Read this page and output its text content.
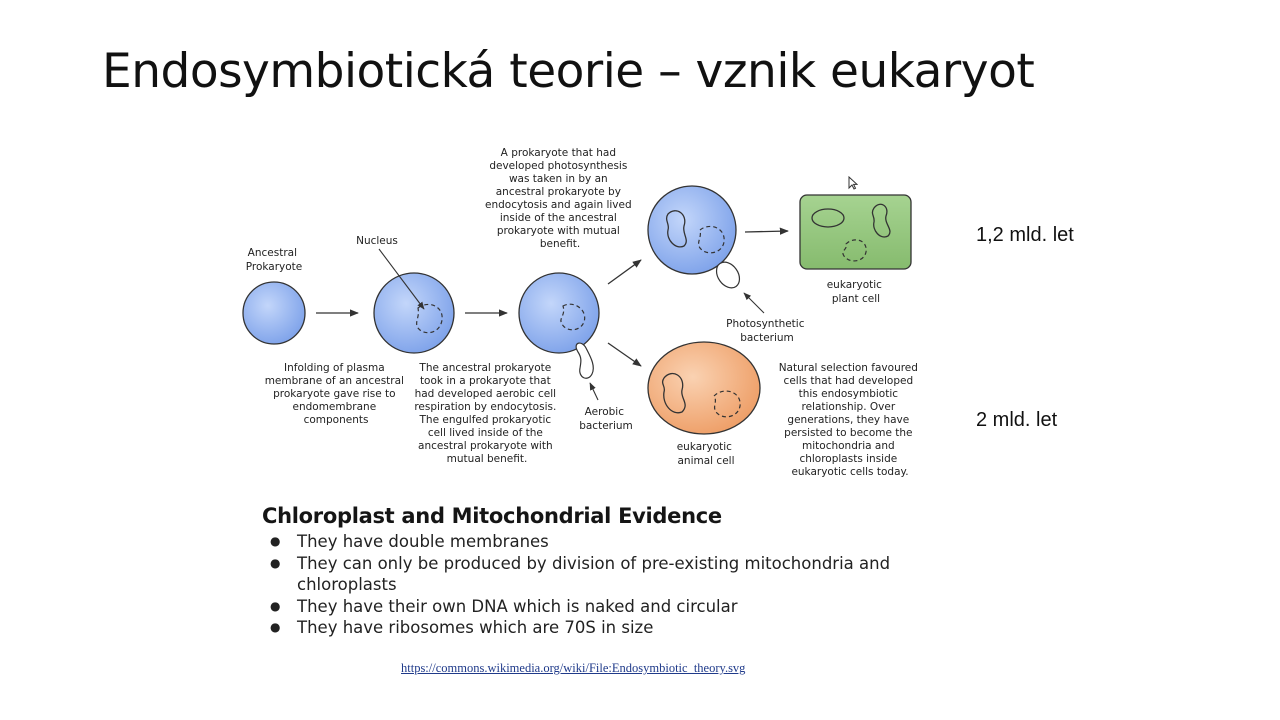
Endosymbiotická teorie – vznik eukaryot
1,2 mld. let
2 mld. let
Ancestral Prokaryote
Nucleus
Infolding of plasma membrane of an ancestral prokaryote gave rise to endomembrane components
The ancestral prokaryote took in a prokaryote that had developed aerobic cell respiration by endocytosis. The engulfed prokaryotic cell lived inside of the ancestral prokaryote with mutual benefit.
Aerobic bacterium
A prokaryote that had developed photosynthesis was taken in by an ancestral prokaryote by endocytosis and again lived inside of the ancestral prokaryote with mutual benefit.
Photosynthetic bacterium
eukaryotic plant cell
eukaryotic animal cell
Natural selection favoured cells that had developed this endosymbiotic relationship. Over generations, they have persisted to become the mitochondria and chloroplasts inside eukaryotic cells today.
Chloroplast and Mitochondrial Evidence
● They have double membranes
● They can only be produced by division of pre-existing mitochondria and chloroplasts
● They have their own DNA which is naked and circular
● They have ribosomes which are 70S in size
https://commons.wikimedia.org/wiki/File:Endosymbiotic_theory.svg
